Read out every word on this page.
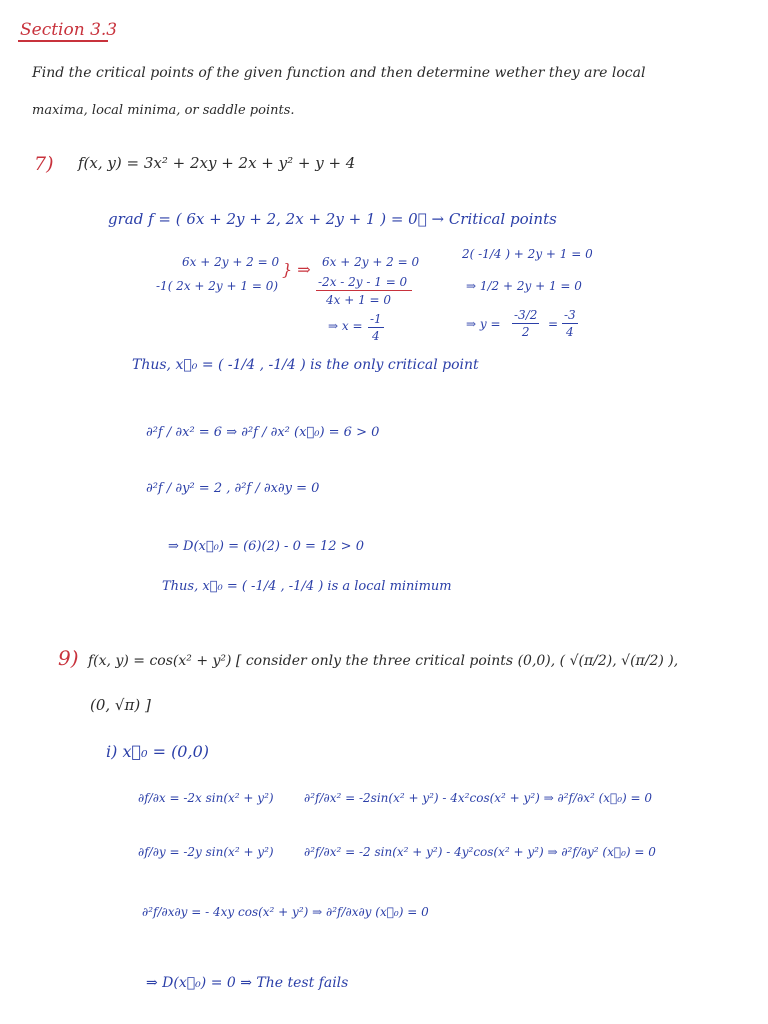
Section 3.3
Find the critical points of the given function and then determine wether they are local
maxima, local minima, or saddle points.
7) f(x, y) = 3x² + 2xy + 2x + y² + y + 4
grad f = ( 6x + 2y + 2, 2x + 2y + 1 ) = 0⃗ → Critical points
6x + 2y + 2 = 0
-1( 2x + 2y + 1 = 0)
} ⇒ 6x + 2y + 2 = 0
-2x - 2y - 1 = 0
4x + 1 = 0
⇒ $x = \frac{-1}{4}$
2( -1/4 ) + 2y + 1 = 0
⇒ 1/2 + 2y + 1 = 0
⇒ $y = \frac{-3/2}{2} = \frac{-3}{4}$
Thus, x⃗₀ = ( -1/4 , -1/4 ) is the only critical point
∂²f / ∂x² = 6 ⇒ ∂²f / ∂x² (x⃗₀) = 6 > 0
∂²f / ∂y² = 2 , ∂²f / ∂x∂y = 0
⇒ D(x⃗₀) = (6)(2) - 0 = 12 > 0
Thus, x⃗₀ = ( -1/4 , -1/4 ) is a local minimum
9) f(x, y) = cos(x² + y²) [ consider only the three critical points (0,0), ( √(π/2), √(π/2) ),
(0, √π) ]
i) x⃗₀ = (0,0)
∂f/∂x = -2x sin(x² + y²)	∂²f/∂x² = -2sin(x² + y²) - 4x²cos(x² + y²) ⇒ ∂²f/∂x² (x⃗₀) = 0
∂f/∂y = -2y sin(x² + y²)	∂²f/∂x² = -2 sin(x² + y²) - 4y²cos(x² + y²) ⇒ ∂²f/∂y² (x⃗₀) = 0
∂²f/∂x∂y = - 4xy cos(x² + y²) ⇒ ∂²f/∂x∂y (x⃗₀) = 0
⇒ D(x⃗₀) = 0 ⇒ The test fails
